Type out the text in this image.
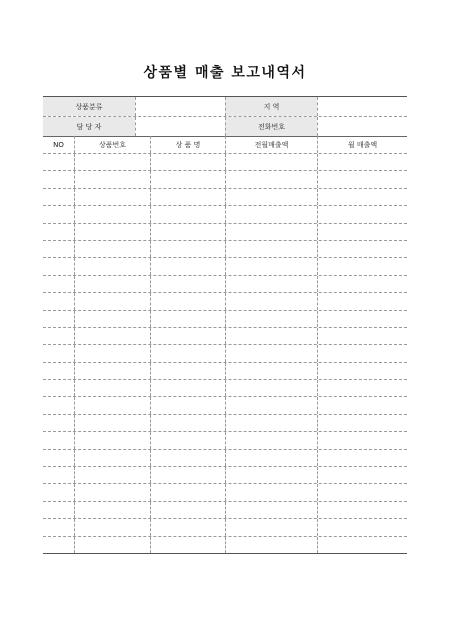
상품별 매출 보고내역서
상품분류	지 역
담 당 자	전화번호
NO	상품번호	상 품 명	전월매출액	월 매출액
